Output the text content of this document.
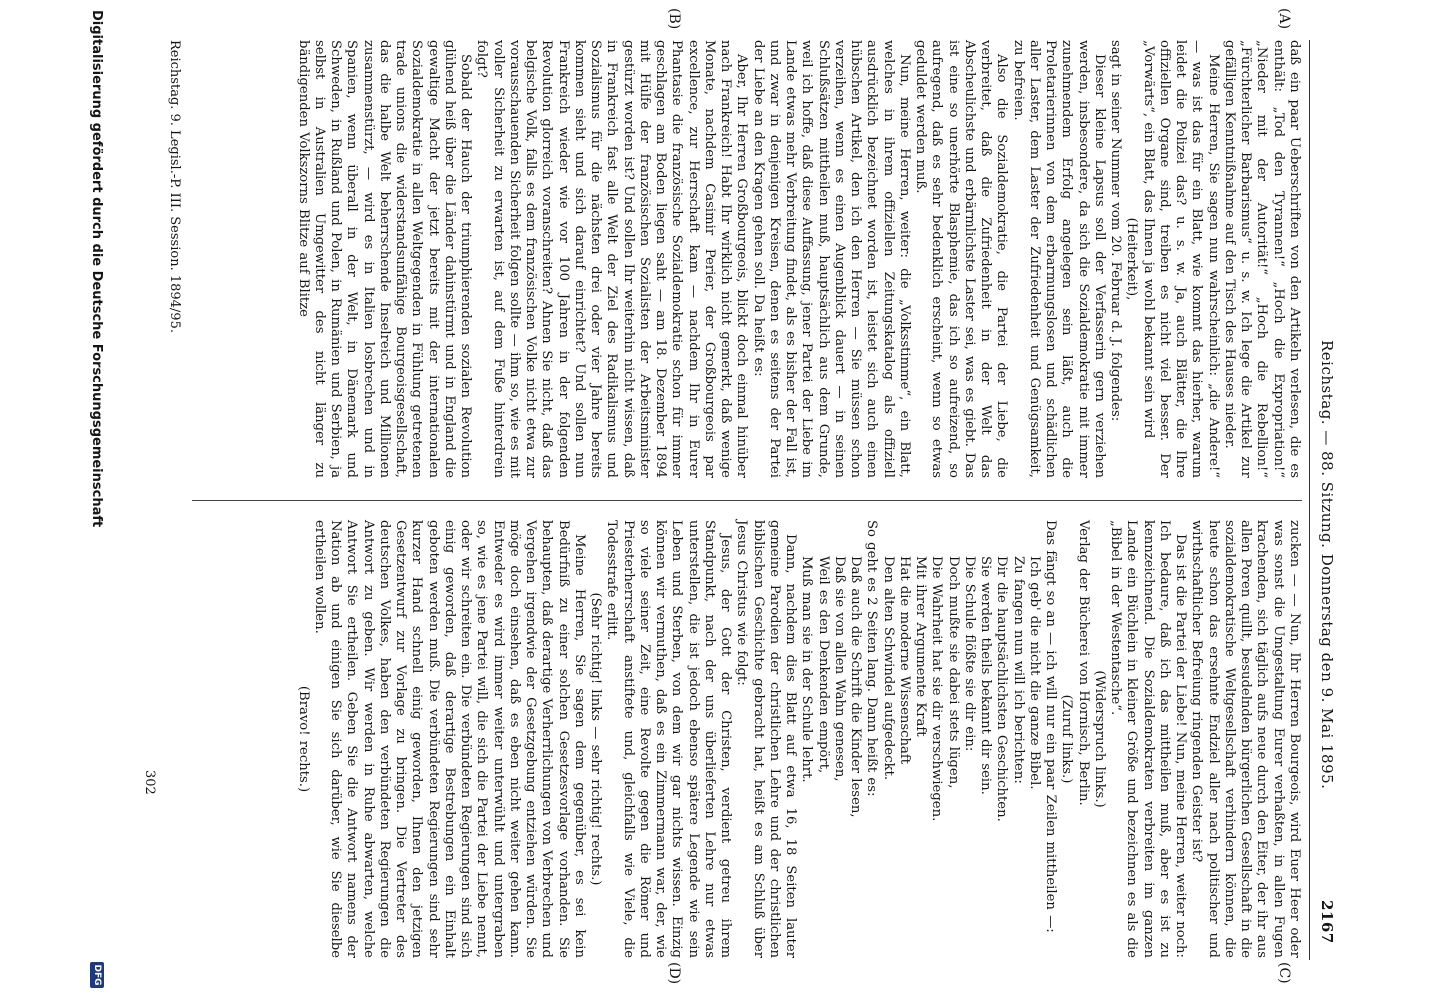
Reichstag. — 88. Sitzung. Donnerstag den 9. Mai 1895.
2167
(A)
(B)
(C)
(D)

daß ein paar Ueberschriften von den Artikeln verlesen, die es enthält: „Tod den Tyrannen!“ „Hoch die Expropriation!“ „Nieder mit der Autorität!“ „Hoch die Rebellion!“ „Fürchterlicher Barbarismus“ u. s. w. Ich lege die Artikel zur gefälligen Kenntnißnahme auf den Tisch des Hauses nieder.

Meine Herren, Sie sagen nun wahrscheinlich: „die Andere!“ — was ist das für ein Blatt, wie kommt das hierher, warum leidet die Polizei das? u. s. w. Ja, auch Blätter, die Ihre offiziellen Organe sind, treiben es nicht viel besser. Der „Vorwärts“, ein Blatt, das Ihnen ja wohl bekannt sein wird

(Heiterkeit),

sagt in seiner Nummer vom 20. Februar d. J. folgendes:

Dieser kleine Lapsus soll der Verfasserin gern verziehen werden, insbesondere, da sich die Sozialdemokratie mit immer zunehmendem Erfolg angelegen sein läßt, auch die Proletarierinnen von dem erbarmungslosen und schädlichen aller Laster, dem Laster der Zufriedenheit und Genügsamkeit, zu befreien.

Also die Sozialdemokratie, die Partei der Liebe, die verbreitet, daß die Zufriedenheit in der Welt das Abscheulichste und erbärmlichste Laster sei, was es giebt. Das ist eine so unerhörte Blasphemie, das ich so aufreizend, so aufregend, daß es sehr bedenklich erscheint, wenn so etwas geduldet werden muß.

Nun, meine Herren, weiter: die „Volksstimme“, ein Blatt, welches in ihrem offiziellen Zeitungskatalog als offiziell ausdrücklich bezeichnet worden ist, leistet sich auch einen hübschen Artikel, den ich den Herren — Sie müssen schon verzeihen, wenn es einen Augenblick dauert — in seinen Schlußsätzen mittheilen muß, hauptsächlich aus dem Grunde, weil ich hoffe, daß diese Auffassung, jener Partei der Liebe im Lande etwas mehr Verbreitung findet, als es bisher der Fall ist, und zwar in denjenigen Kreisen, denen es seitens der Partei der Liebe an den Kragen gehen soll. Da heißt es:

Aber, Ihr Herren Großbourgeois, blickt doch einmal hinüber nach Frankreich! Habt Ihr wirklich nicht gemerkt, daß wenige Monate, nachdem Casimir Perier, der Großbourgeois par excellence, zur Herrschaft kam — nachdem Ihr in Eurer Phantasie die französische Sozialdemokratie schon für immer geschlagen am Boden liegen saht — am 18. Dezember 1894 mit Hülfe der französischen Sozialisten der Arbeitsminister gestürzt worden ist? Und sollen Ihr weiterhin nicht wissen, daß in Frankreich fast alle Welt der Ziel des Radikalismus und Sozialismus für die nächsten drei oder vier Jahre bereits kommen sieht und sich darauf einrichtet? Und sollen nun Frankreich wieder wie vor 100 Jahren in der folgenden Revolution glorreich voranschreiten? Ahnen Sie nicht, daß das belgische Volk, falls es dem französischen Volke nicht etwa zur vorausschauenden Sicherheit folgen sollte — ihm so, wie es mit voller Sicherheit zu erwarten ist, auf dem Fuße hinterdrein folgt?

Sobald der Hauch der triumphierenden sozialen Revolution glühend heiß über die Länder dahinstürmt und in England die gewaltige Macht der jetzt bereits mit der internationalen Sozialdemokratie in allen Weltgegenden in Fühlung getretenen trade unions die widerstandsunfähige Bourgeoisgesellschaft, das die halbe Welt beherrschende Inselreich und Millionen zusammenstürzt, — wird es in Italien losbrechen und in Spanien, wenn überall in der Welt, in Dänemark und Schweden, in Rußland und Polen, in Rumänien und Serbien, ja selbst in Australien Umgewitter des nicht länger zu bändigenden Volkszorns Blitze auf Blitze

zucken — — Nun, Ihr Herren Bourgeois, wird Euer Heer oder was sonst die Umgestaltung Eurer verhaßten, in allen Fugen krachenden, sich täglich aufs neue durch den Eiter, der ihr aus allen Poren quillt, besudelnden bürgerlichen Gesellschaft in die sozialdemokratische Weltgesellschaft verhindern können, die heute schon das ersehnte Endziel aller nach politischer und wirthschaftlicher Befreiung ringenden Geister ist?

Das ist die Partei der Liebe! Nun, meine Herren, weiter noch: Ich bedaure, daß ich das mittheilen muß, aber es ist zu kennzeichnend. Die Sozialdemokraten verbreiten im ganzen Lande ein Büchlein in kleiner Größe und bezeichnen es als die „Bibel in der Westentasche“.

(Widerspruch links.)

Verlag der Bücherei von Hornisch, Berlin.

(Zuruf links.)

Das fängt so an — ich will nur ein paar Zeilen mittheilen —:

Ich geb' die nicht die ganze Bibel.
Zu fangen nun will ich berichten:
Dir die hauptsächlichsten Geschichten.
Sie werden theils bekannt dir sein.
Die Schule flößte sie dir ein:
Doch mußte sie dabei stets lügen,
Die Wahrheit hat sie dir verschwiegen.
Mit ihrer Argumente Kraft
Hat die moderne Wissenschaft
Den alten Schwindel aufgedeckt.

So geht es 2 Seiten lang. Dann heißt es:

Daß auch die Schrift die Kinder lesen,
Daß sie von allen Wahn genesen,
Weil es den Denkenden empört,
Muß man sie in der Schule lehrt.

Dann, nachdem dies Blatt auf etwa 16, 18 Seiten lauter gemeine Parodien der christlichen Lehre und der christlichen biblischen Geschichte gebracht hat, heißt es am Schluß über Jesus Christus wie folgt:

Jesus, der Gott der Christen, verdient getreu ihrem Standpunkt, nach der uns überlieferten Lehre nur etwas unterstellen, die ist jedoch ebenso spätere Legende wie sein Leben und Sterben, von dem wir gar nichts wissen. Einzig können wir vermuthen, daß es ein Zimmermann war, der, wie so viele seiner Zeit, eine Revolte gegen die Römer und Priesterherrschaft anstiftete und, gleichfalls wie Viele, die Todesstrafe erlitt.

(Sehr richtig! links — sehr richtig! rechts.)

Meine Herren, Sie sagen dem gegenüber, es sei kein Bedürfniß zu einer solchen Gesetzesvorlage vorhanden. Sie behaupten, daß derartige Verherrlichungen von Verbrechen und Vergehen irgendwie der Gesetzgebung entziehen würden. Sie möge doch einsehen, daß es eben nicht weiter gehen kann. Entweder es wird immer weiter unterwühlt und untergraben so, wie es jene Partei will, die sich die Partei der Liebe nennt, oder wir schreiten ein. Die verbündeten Regierungen sind sich einig geworden, daß derartige Bestrebungen ein Einhalt geboten werden muß. Die verbündeten Regierungen sind sehr kurzer Hand schnell einig geworden, Ihnen den jetzigen Gesetzentwurf zur Vorlage zu bringen. Die Vertreter des deutschen Volkes, haben den verbündeten Regierungen die Antwort zu geben. Wir werden in Ruhe abwarten, welche Antwort Sie ertheilen. Geben Sie die Antwort namens der Nation ab und einigen Sie sich darüber, wie Sie dieselbe ertheilen wollen.

(Bravo! rechts.)

Reichstag. 9. Legisl.-P. III. Session. 1894/95.
302
Digitalisierung gefördert durch die Deutsche Forschungsgemeinschaft
DFG
